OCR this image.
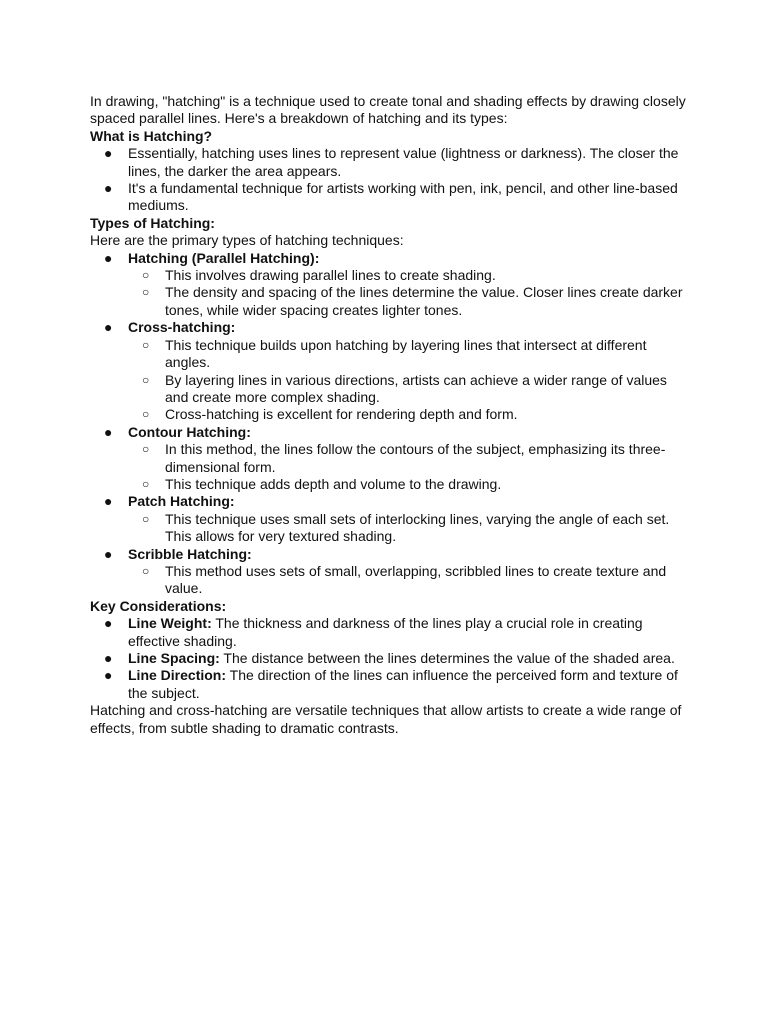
In drawing, "hatching" is a technique used to create tonal and shading effects by drawing closely spaced parallel lines. Here's a breakdown of hatching and its types:

What is Hatching?

● Essentially, hatching uses lines to represent value (lightness or darkness). The closer the lines, the darker the area appears.
● It's a fundamental technique for artists working with pen, ink, pencil, and other line-based mediums.

Types of Hatching:

Here are the primary types of hatching techniques:

● Hatching (Parallel Hatching):
○ This involves drawing parallel lines to create shading.
○ The density and spacing of the lines determine the value. Closer lines create darker tones, while wider spacing creates lighter tones.
● Cross-hatching:
○ This technique builds upon hatching by layering lines that intersect at different angles.
○ By layering lines in various directions, artists can achieve a wider range of values and create more complex shading.
○ Cross-hatching is excellent for rendering depth and form.
● Contour Hatching:
○ In this method, the lines follow the contours of the subject, emphasizing its three-dimensional form.
○ This technique adds depth and volume to the drawing.
● Patch Hatching:
○ This technique uses small sets of interlocking lines, varying the angle of each set. This allows for very textured shading.
● Scribble Hatching:
○ This method uses sets of small, overlapping, scribbled lines to create texture and value.

Key Considerations:

● Line Weight: The thickness and darkness of the lines play a crucial role in creating effective shading.
● Line Spacing: The distance between the lines determines the value of the shaded area.
● Line Direction: The direction of the lines can influence the perceived form and texture of the subject.

Hatching and cross-hatching are versatile techniques that allow artists to create a wide range of effects, from subtle shading to dramatic contrasts.
